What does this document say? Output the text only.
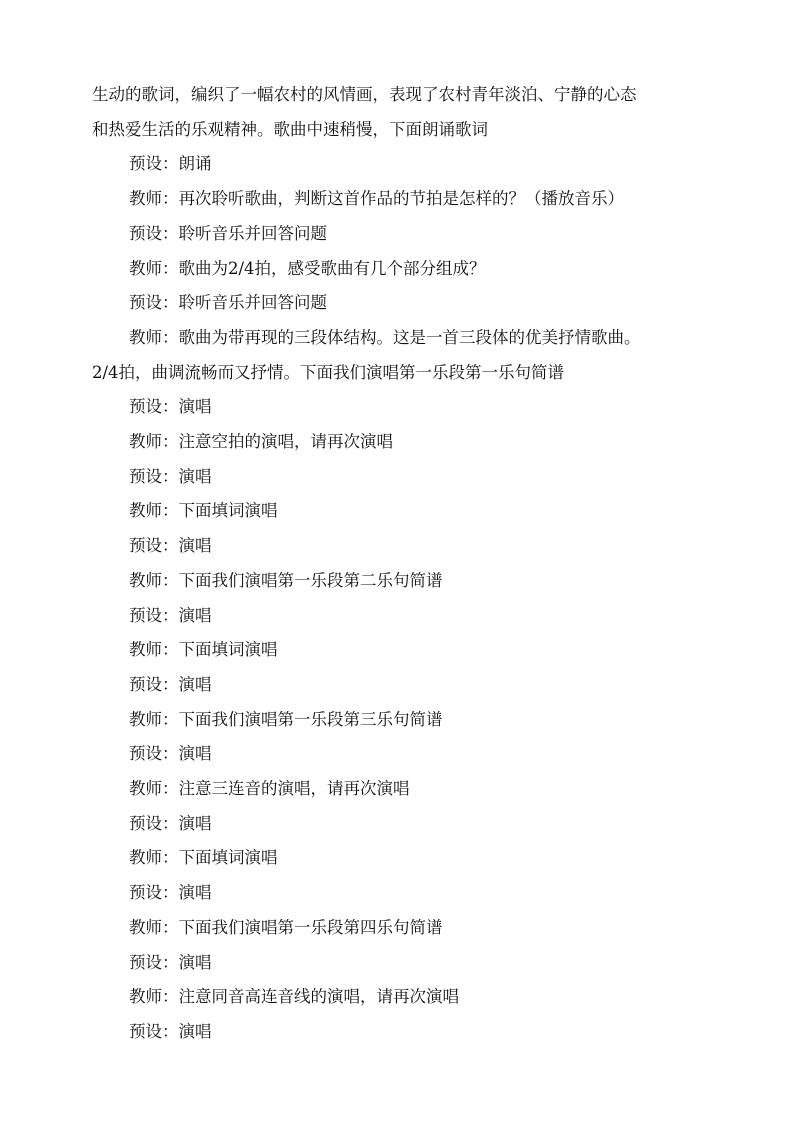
生动的歌词，编织了一幅农村的风情画，表现了农村青年淡泊、宁静的心态

和热爱生活的乐观精神。歌曲中速稍慢，下面朗诵歌词

预设：朗诵

教师：再次聆听歌曲，判断这首作品的节拍是怎样的？（播放音乐）

预设：聆听音乐并回答问题

教师：歌曲为2/4拍，感受歌曲有几个部分组成？

预设：聆听音乐并回答问题

教师：歌曲为带再现的三段体结构。这是一首三段体的优美抒情歌曲。

2/4拍，曲调流畅而又抒情。下面我们演唱第一乐段第一乐句简谱

预设：演唱

教师：注意空拍的演唱，请再次演唱

预设：演唱

教师：下面填词演唱

预设：演唱

教师：下面我们演唱第一乐段第二乐句简谱

预设：演唱

教师：下面填词演唱

预设：演唱

教师：下面我们演唱第一乐段第三乐句简谱

预设：演唱

教师：注意三连音的演唱，请再次演唱

预设：演唱

教师：下面填词演唱

预设：演唱

教师：下面我们演唱第一乐段第四乐句简谱

预设：演唱

教师：注意同音高连音线的演唱，请再次演唱

预设：演唱
